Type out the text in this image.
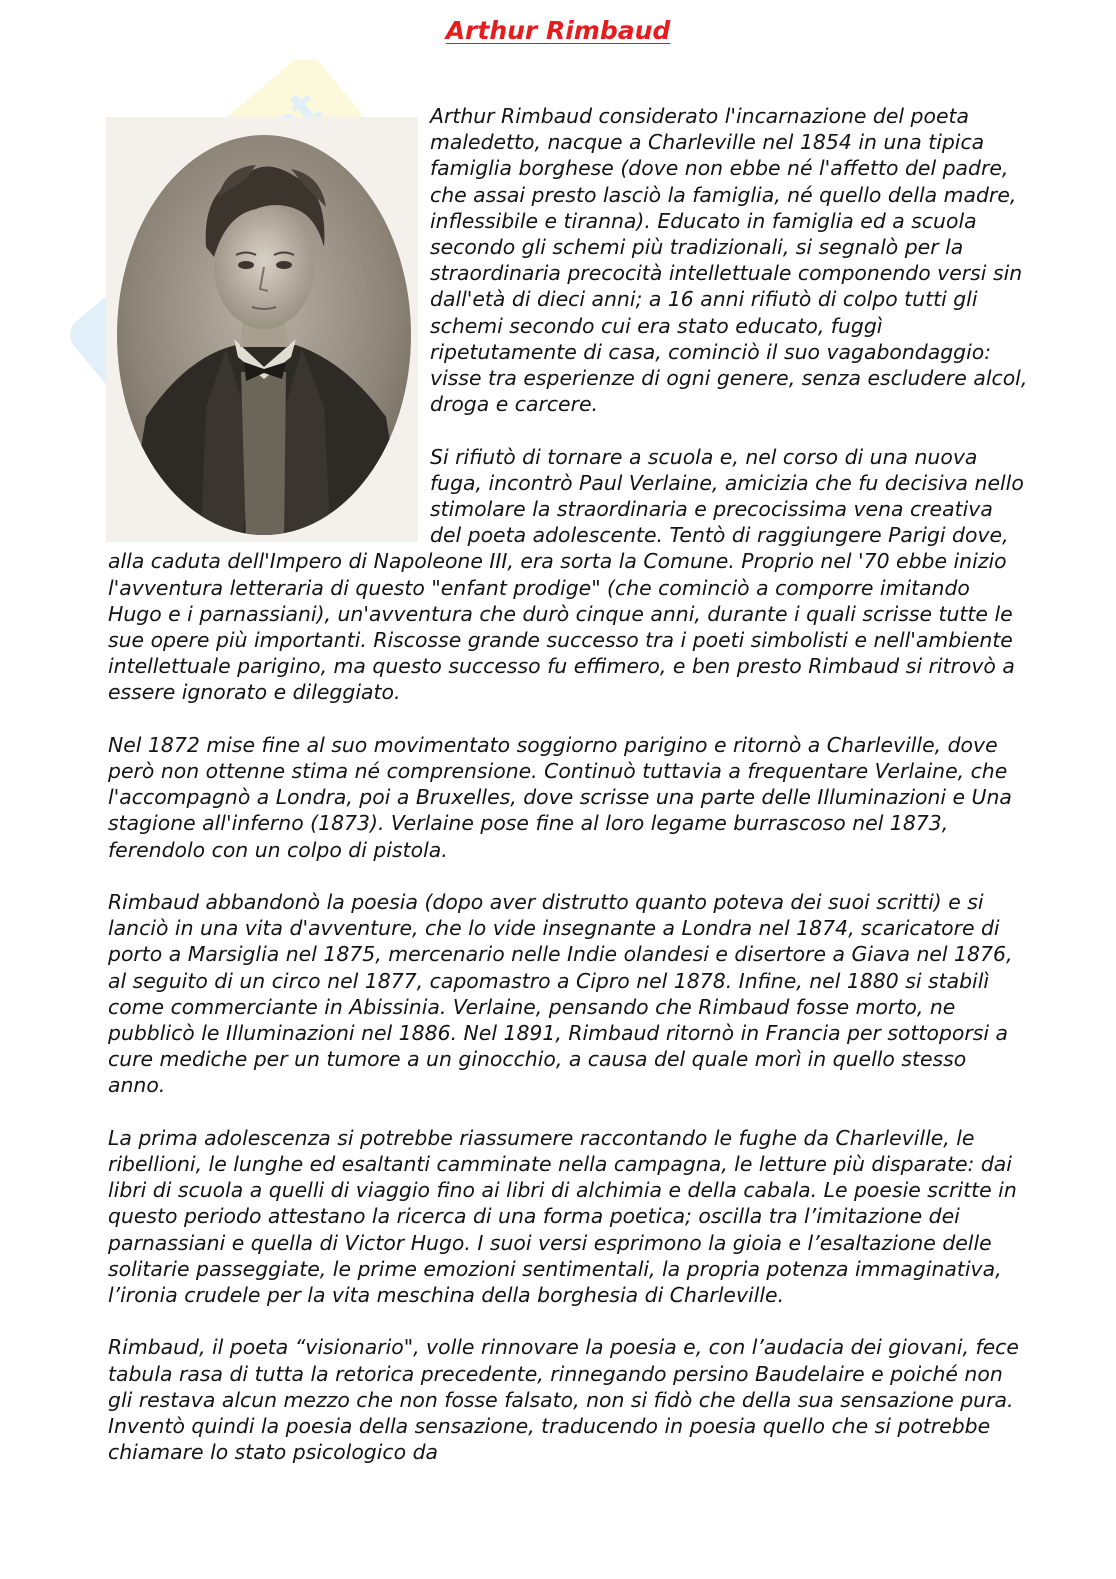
Arthur Rimbaud

Arthur Rimbaud considerato l'incarnazione del poeta maledetto, nacque a Charleville nel 1854 in una tipica famiglia borghese (dove non ebbe né l'affetto del padre, che assai presto lasciò la famiglia, né quello della madre, inflessibile e tiranna). Educato in famiglia ed a scuola secondo gli schemi più tradizionali, si segnalò per la straordinaria precocità intellettuale componendo versi sin dall'età di dieci anni; a 16 anni rifiutò di colpo tutti gli schemi secondo cui era stato educato, fuggì ripetutamente di casa, cominciò il suo vagabondaggio: visse tra esperienze di ogni genere, senza escludere alcol, droga e carcere.

Si rifiutò di tornare a scuola e, nel corso di una nuova fuga, incontrò Paul Verlaine, amicizia che fu decisiva nello stimolare la straordinaria e precocissima vena creativa del poeta adolescente. Tentò di raggiungere Parigi dove, alla caduta dell'Impero di Napoleone III, era sorta la Comune. Proprio nel '70 ebbe inizio l'avventura letteraria di questo "enfant prodige" (che cominciò a comporre imitando Hugo e i parnassiani), un'avventura che durò cinque anni, durante i quali scrisse tutte le sue opere più importanti. Riscosse grande successo tra i poeti simbolisti e nell'ambiente intellettuale parigino, ma questo successo fu effimero, e ben presto Rimbaud si ritrovò a essere ignorato e dileggiato.

Nel 1872 mise fine al suo movimentato soggiorno parigino e ritornò a Charleville, dove però non ottenne stima né comprensione. Continuò tuttavia a frequentare Verlaine, che l'accompagnò a Londra, poi a Bruxelles, dove scrisse una parte delle Illuminazioni e Una stagione all'inferno (1873). Verlaine pose fine al loro legame burrascoso nel 1873, ferendolo con un colpo di pistola.

Rimbaud abbandonò la poesia (dopo aver distrutto quanto poteva dei suoi scritti) e si lanciò in una vita d'avventure, che lo vide insegnante a Londra nel 1874, scaricatore di porto a Marsiglia nel 1875, mercenario nelle Indie olandesi e disertore a Giava nel 1876, al seguito di un circo nel 1877, capomastro a Cipro nel 1878. Infine, nel 1880 si stabilì come commerciante in Abissinia. Verlaine, pensando che Rimbaud fosse morto, ne pubblicò le Illuminazioni nel 1886. Nel 1891, Rimbaud ritornò in Francia per sottoporsi a cure mediche per un tumore a un ginocchio, a causa del quale morì in quello stesso anno.

La prima adolescenza si potrebbe riassumere raccontando le fughe da Charleville, le ribellioni, le lunghe ed esaltanti camminate nella campagna, le letture più disparate: dai libri di scuola a quelli di viaggio fino ai libri di alchimia e della cabala. Le poesie scritte in questo periodo attestano la ricerca di una forma poetica; oscilla tra l’imitazione dei parnassiani e quella di Victor Hugo. I suoi versi esprimono la gioia e l’esaltazione delle solitarie passeggiate, le prime emozioni sentimentali, la propria potenza immaginativa, l’ironia crudele per la vita meschina della borghesia di Charleville.

Rimbaud, il poeta “visionario", volle rinnovare la poesia e, con l’audacia dei giovani, fece tabula rasa di tutta la retorica precedente, rinnegando persino Baudelaire e poiché non gli restava alcun mezzo che non fosse falsato, non si fidò che della sua sensazione pura. Inventò quindi la poesia della sensazione, traducendo in poesia quello che si potrebbe chiamare lo stato psicologico da
